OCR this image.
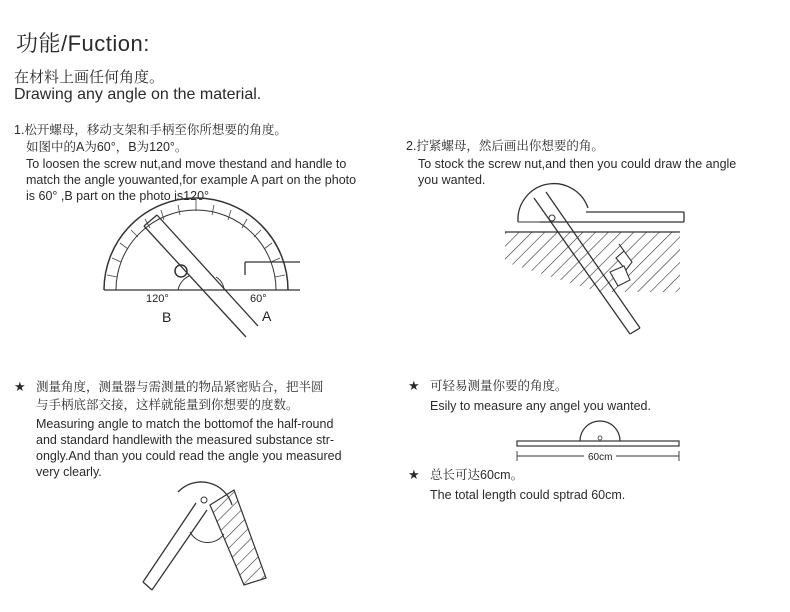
功能/Fuction:
在材料上画任何角度。
Drawing any angle on the material.
1.松开螺母，移动支架和手柄至你所想要的角度。
如图中的A为60°，B为120°。
To loosen the screw nut,and move thestand and handle to
match the angle youwanted,for example A part on the photo
is 60° ,B part on the photo is120°
2.拧紧螺母，然后画出你想要的角。
To stock the screw nut,and then you could draw the angle
you wanted.
120°	60°
B	A
★ 测量角度，测量器与需测量的物品紧密贴合，把半圆
与手柄底部交接，这样就能量到你想要的度数。
Measuring angle to match the bottomof the half-round
and standard handlewith the measured substance str-
ongly.And than you could read the angle you measured
very clearly.
★ 可轻易测量你要的角度。
Esily to measure any angel you wanted.
60cm
★ 总长可达60cm。
The total length could sptrad 60cm.
